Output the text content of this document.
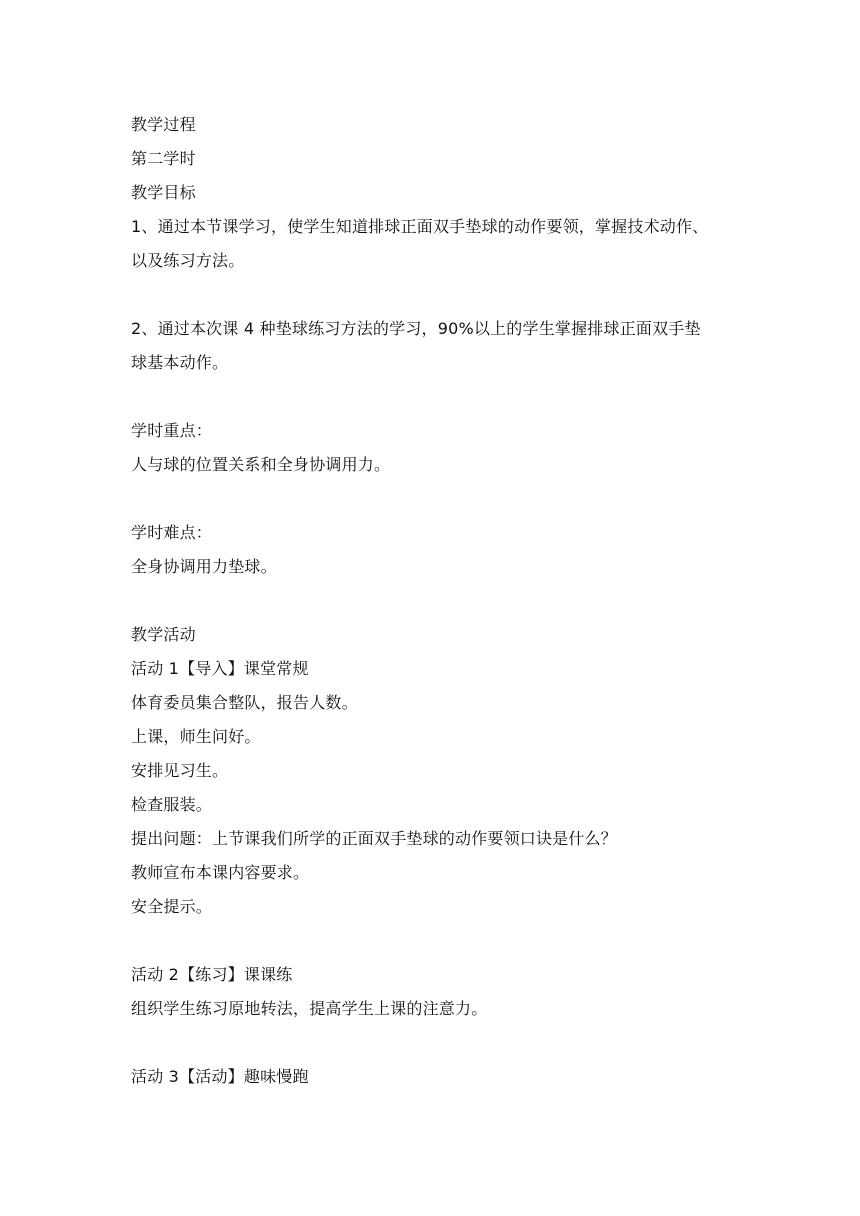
教学过程
第二学时
教学目标
1、通过本节课学习，使学生知道排球正面双手垫球的动作要领，掌握技术动作、
以及练习方法。
2、通过本次课 4 种垫球练习方法的学习，90%以上的学生掌握排球正面双手垫
球基本动作。
学时重点：
人与球的位置关系和全身协调用力。
学时难点：
全身协调用力垫球。
教学活动
活动 1【导入】课堂常规
体育委员集合整队，报告人数。
上课，师生问好。
安排见习生。
检查服装。
提出问题：上节课我们所学的正面双手垫球的动作要领口诀是什么？
教师宣布本课内容要求。
安全提示。
活动 2【练习】课课练
组织学生练习原地转法，提高学生上课的注意力。
活动 3【活动】趣味慢跑
